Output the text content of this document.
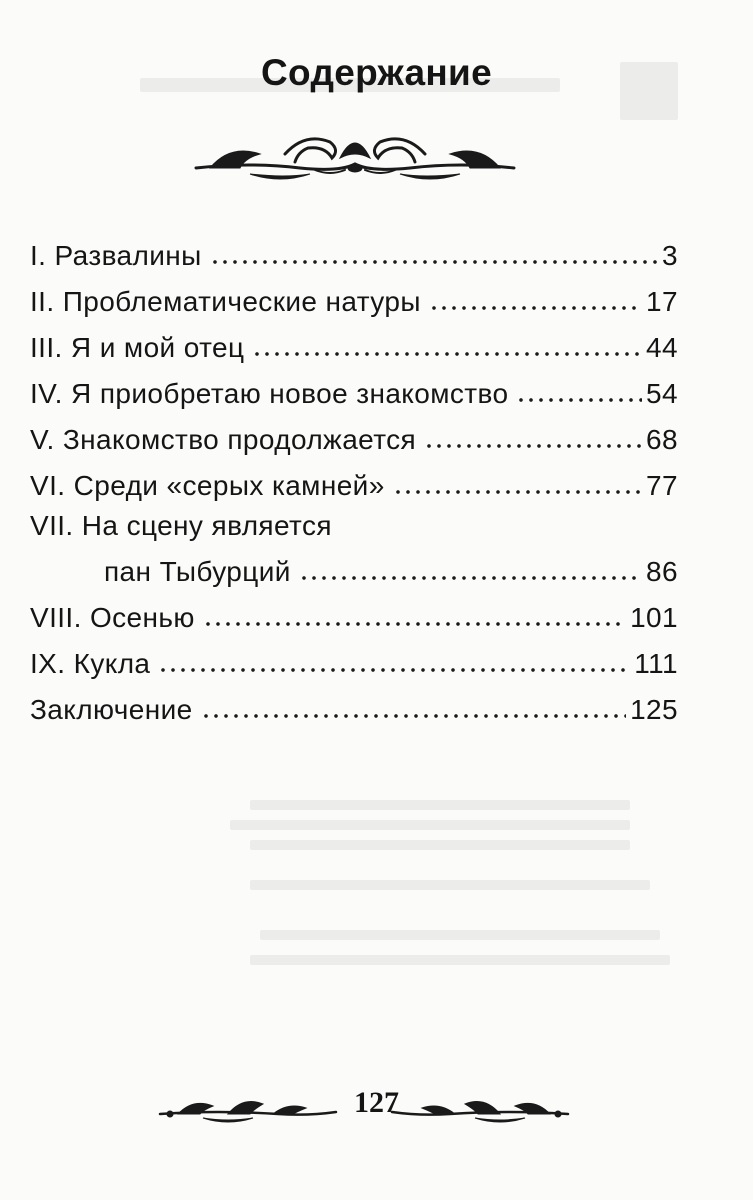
Содержание
I. Развалины	3
II. Проблематические натуры	17
III. Я и мой отец	44
IV. Я приобретаю новое знакомство	54
V. Знакомство продолжается	68
VI. Среди «серых камней»	77
VII. На сцену является
пан Тыбурций	86
VIII. Осенью	101
IX. Кукла	111
Заключение	125
127
